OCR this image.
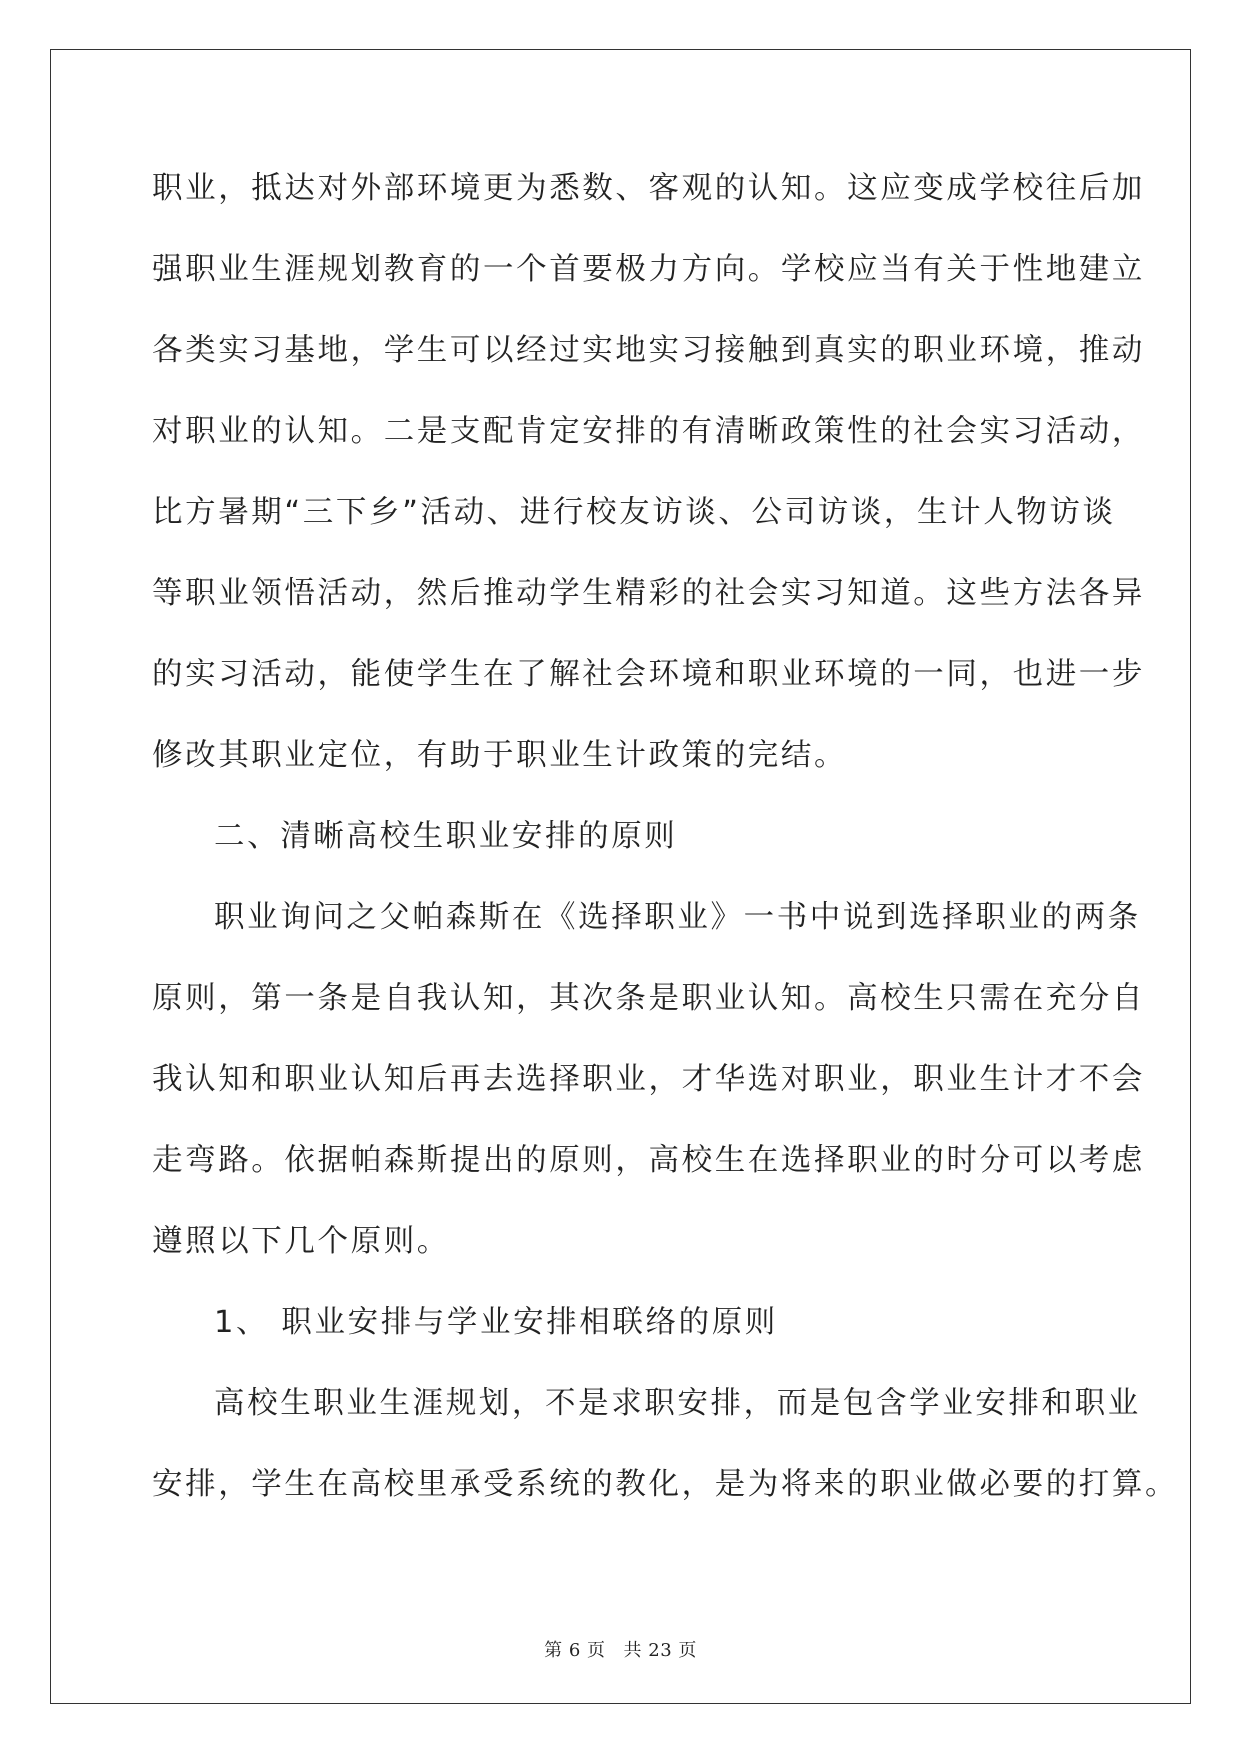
职业，抵达对外部环境更为悉数、客观的认知。这应变成学校往后加
强职业生涯规划教育的一个首要极力方向。学校应当有关于性地建立
各类实习基地，学生可以经过实地实习接触到真实的职业环境，推动
对职业的认知。二是支配肯定安排的有清晰政策性的社会实习活动，
比方暑期“三下乡”活动、进行校友访谈、公司访谈，生计人物访谈
等职业领悟活动，然后推动学生精彩的社会实习知道。这些方法各异
的实习活动，能使学生在了解社会环境和职业环境的一同，也进一步
修改其职业定位，有助于职业生计政策的完结。
二、清晰高校生职业安排的原则
职业询问之父帕森斯在《选择职业》一书中说到选择职业的两条
原则，第一条是自我认知，其次条是职业认知。高校生只需在充分自
我认知和职业认知后再去选择职业，才华选对职业，职业生计才不会
走弯路。依据帕森斯提出的原则，高校生在选择职业的时分可以考虑
遵照以下几个原则。
1、 职业安排与学业安排相联络的原则
高校生职业生涯规划，不是求职安排，而是包含学业安排和职业
安排，学生在高校里承受系统的教化，是为将来的职业做必要的打算。
第 6 页 共 23 页
